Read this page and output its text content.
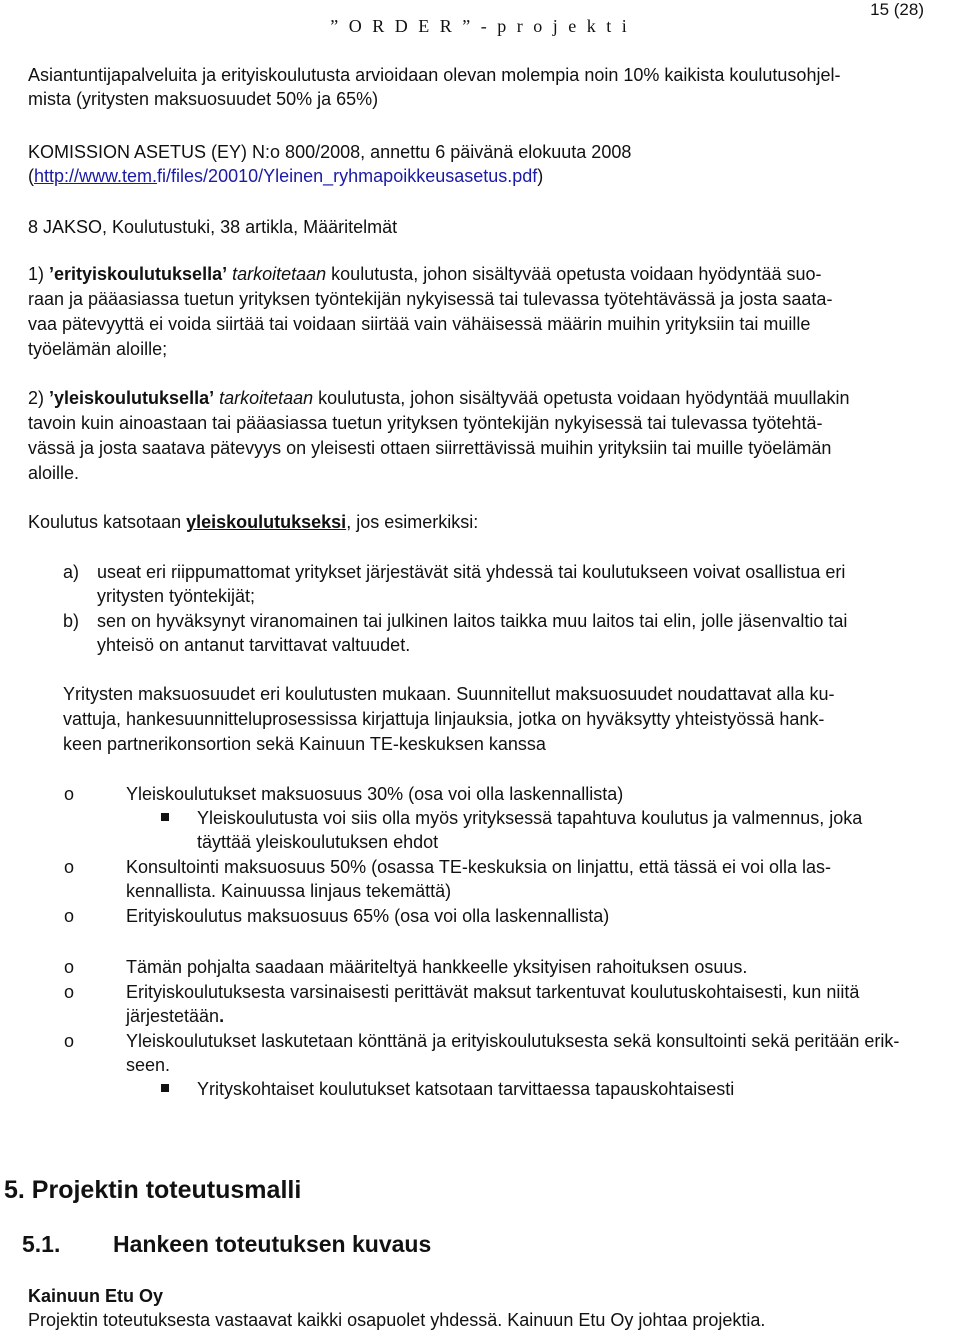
” O R D E R ” - p r o j e k t i
15 (28)
Asiantuntijapalveluita ja erityiskoulutusta arvioidaan olevan molempia noin 10% kaikista koulutusohjel-
mista (yritysten maksuosuudet 50% ja 65%)
KOMISSION ASETUS (EY) N:o 800/2008, annettu 6 päivänä elokuuta 2008
(http://www.tem.fi/files/20010/Yleinen_ryhmapoikkeusasetus.pdf)
8 JAKSO, Koulutustuki, 38 artikla, Määritelmät
1) ’erityiskoulutuksella’ tarkoitetaan koulutusta, johon sisältyvää opetusta voidaan hyödyntää suo-
raan ja pääasiassa tuetun yrityksen työntekijän nykyisessä tai tulevassa työtehtävässä ja josta saata-
vaa pätevyyttä ei voida siirtää tai voidaan siirtää vain vähäisessä määrin muihin yrityksiin tai muille
työelämän aloille;
2) ’yleiskoulutuksella’ tarkoitetaan koulutusta, johon sisältyvää opetusta voidaan hyödyntää muullakin
tavoin kuin ainoastaan tai pääasiassa tuetun yrityksen työntekijän nykyisessä tai tulevassa työtehtä-
vässä ja josta saatava pätevyys on yleisesti ottaen siirrettävissä muihin yrityksiin tai muille työelämän
aloille.
Koulutus katsotaan yleiskoulutukseksi, jos esimerkiksi:
a) useat eri riippumattomat yritykset järjestävät sitä yhdessä tai koulutukseen voivat osallistua eri
yritysten työntekijät;
b) sen on hyväksynyt viranomainen tai julkinen laitos taikka muu laitos tai elin, jolle jäsenvaltio tai
yhteisö on antanut tarvittavat valtuudet.
Yritysten maksuosuudet eri koulutusten mukaan. Suunnitellut maksuosuudet noudattavat alla ku-
vattuja, hankesuunnitteluprosessissa kirjattuja linjauksia, jotka on hyväksytty yhteistyössä hank-
keen partnerikonsortion sekä Kainuun TE-keskuksen kanssa
o	Yleiskoulutukset maksuosuus 30% (osa voi olla laskennallista)
Yleiskoulutusta voi siis olla myös yrityksessä tapahtuva koulutus ja valmennus, joka
täyttää yleiskoulutuksen ehdot
o	Konsultointi maksuosuus 50% (osassa TE-keskuksia on linjattu, että tässä ei voi olla las-
kennallista. Kainuussa linjaus tekemättä)
o	Erityiskoulutus maksuosuus 65% (osa voi olla laskennallista)
o	Tämän pohjalta saadaan määriteltyä hankkeelle yksityisen rahoituksen osuus.
o	Erityiskoulutuksesta varsinaisesti perittävät maksut tarkentuvat koulutuskohtaisesti, kun niitä
järjestetään.
o	Yleiskoulutukset laskutetaan könttänä ja erityiskoulutuksesta sekä konsultointi sekä peritään erik-
seen.
Yrityskohtaiset koulutukset katsotaan tarvittaessa tapauskohtaisesti
5. Projektin toteutusmalli
5.1. Hankeen toteutuksen kuvaus
Kainuun Etu Oy
Projektin toteutuksesta vastaavat kaikki osapuolet yhdessä. Kainuun Etu Oy johtaa projektia.
